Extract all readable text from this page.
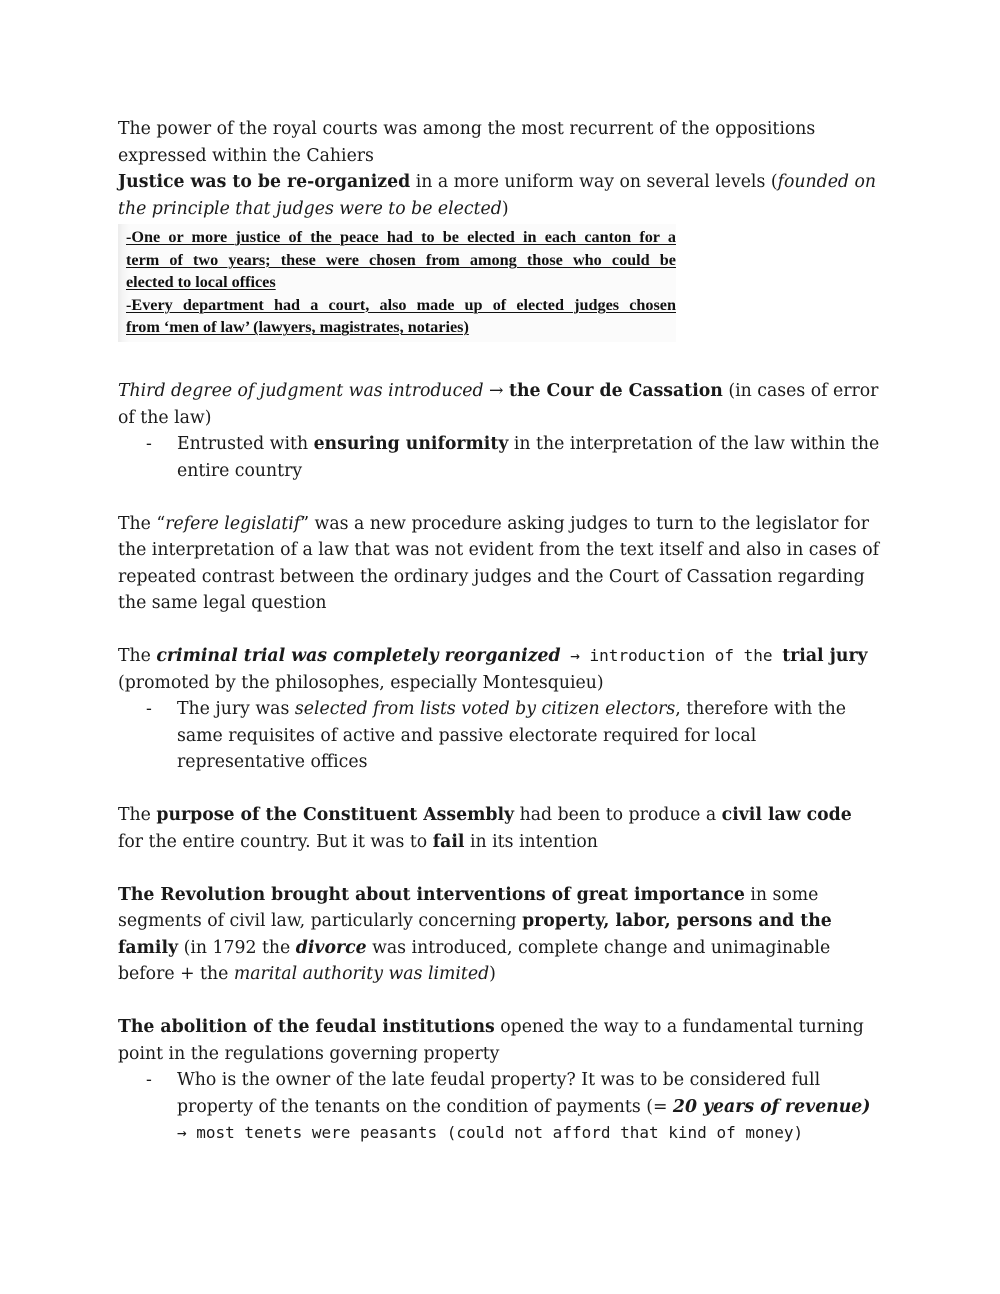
The power of the royal courts was among the most recurrent of the oppositions expressed within the Cahiers

Justice was to be re-organized in a more uniform way on several levels (founded on the principle that judges were to be elected)

-One or more justice of the peace had to be elected in each canton for a
term of two years; these were chosen from among those who could be
elected to local offices
-Every department had a court, also made up of elected judges chosen
from ‘men of law’ (lawyers, magistrates, notaries)

Third degree of judgment was introduced → the Cour de Cassation (in cases of error of the law)

- Entrusted with ensuring uniformity in the interpretation of the law within the entire country

The “refere legislatif” was a new procedure asking judges to turn to the legislator for the interpretation of a law that was not evident from the text itself and also in cases of repeated contrast between the ordinary judges and the Court of Cassation regarding the same legal question

The criminal trial was completely reorganized → introduction of the trial jury (promoted by the philosophes, especially Montesquieu)

- The jury was selected from lists voted by citizen electors, therefore with the same requisites of active and passive electorate required for local representative offices

The purpose of the Constituent Assembly had been to produce a civil law code for the entire country. But it was to fail in its intention

The Revolution brought about interventions of great importance in some segments of civil law, particularly concerning property, labor, persons and the family (in 1792 the divorce was introduced, complete change and unimaginable before + the marital authority was limited)

The abolition of the feudal institutions opened the way to a fundamental turning point in the regulations governing property

- Who is the owner of the late feudal property? It was to be considered full property of the tenants on the condition of payments (= 20 years of revenue) → most tenets were peasants (could not afford that kind of money)
